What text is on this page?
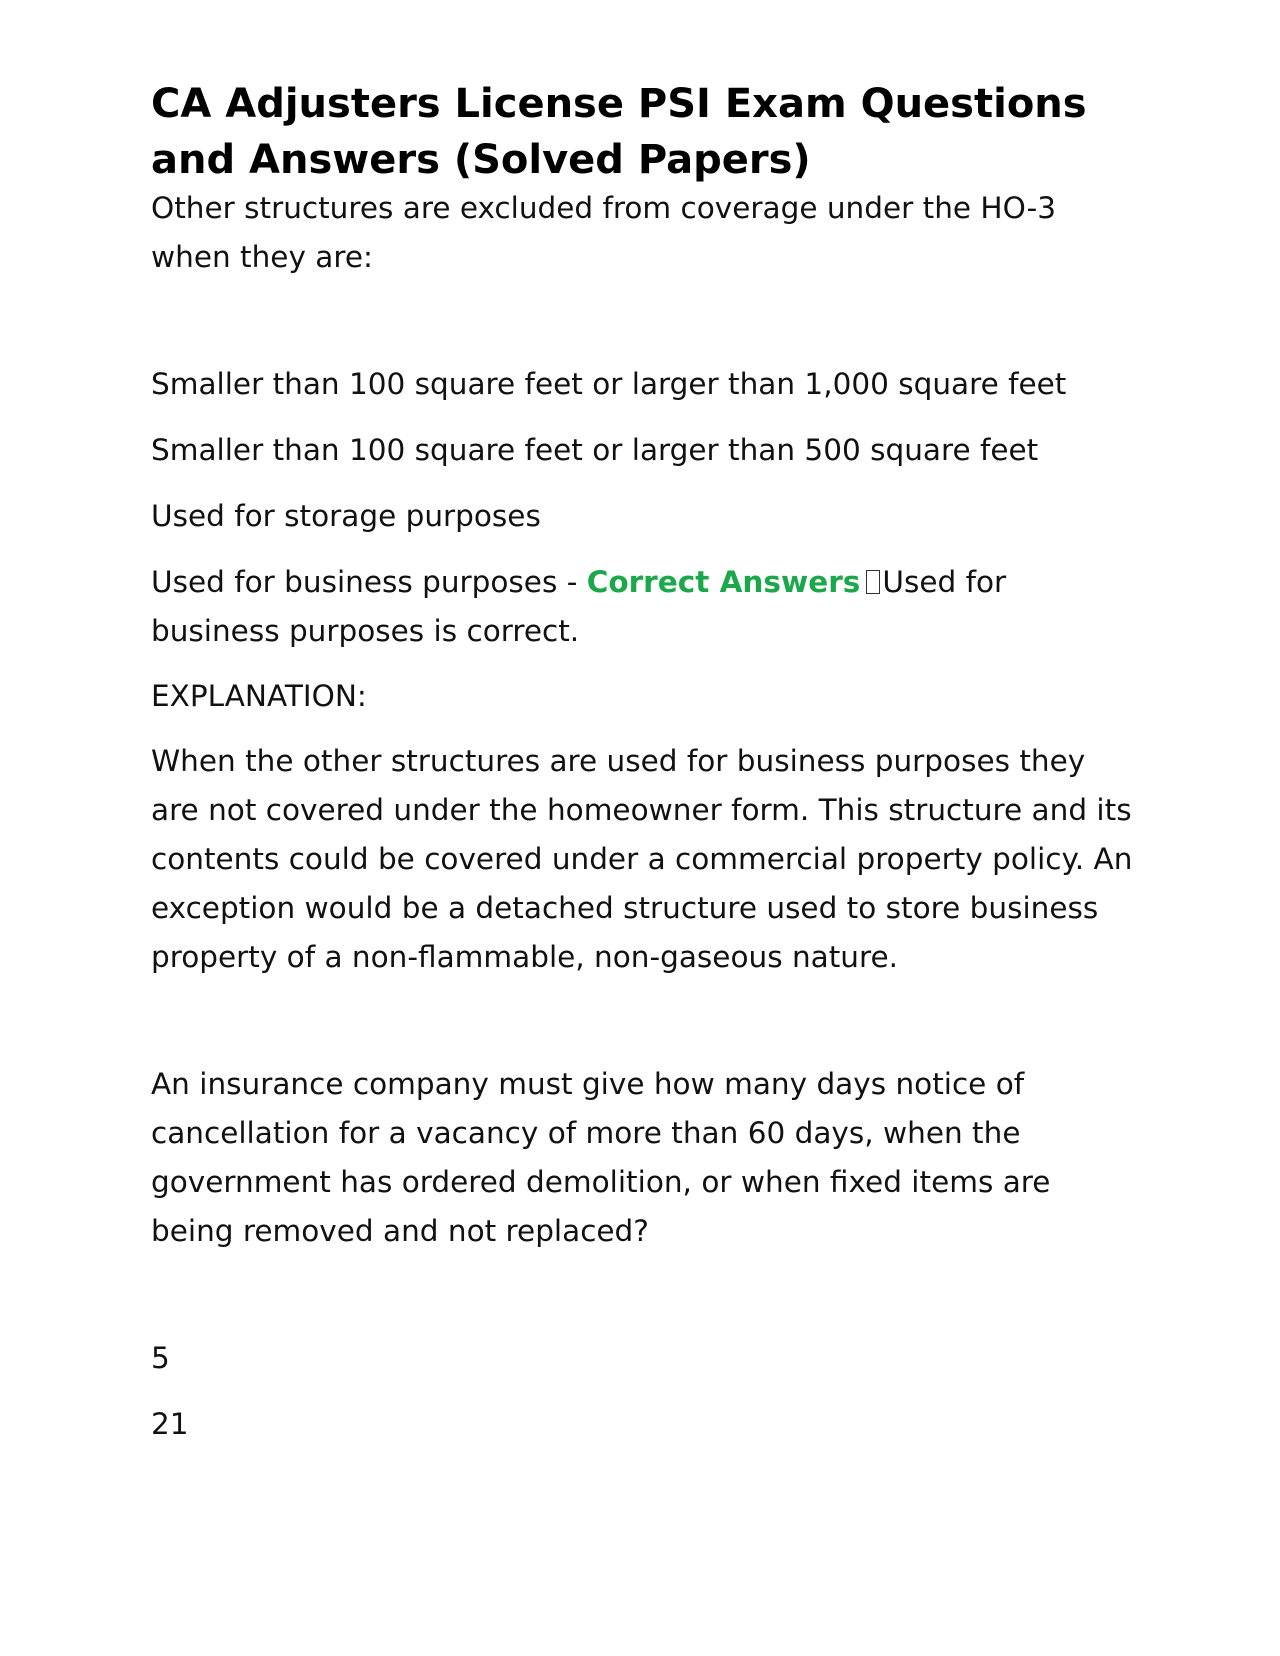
CA Adjusters License PSI Exam Questions and Answers (Solved Papers)

Other structures are excluded from coverage under the HO-3 when they are:

Smaller than 100 square feet or larger than 1,000 square feet

Smaller than 100 square feet or larger than 500 square feet

Used for storage purposes

Used for business purposes - Correct Answers Used for business purposes is correct.

EXPLANATION:

When the other structures are used for business purposes they are not covered under the homeowner form. This structure and its contents could be covered under a commercial property policy. An exception would be a detached structure used to store business property of a non-flammable, non-gaseous nature.

An insurance company must give how many days notice of cancellation for a vacancy of more than 60 days, when the government has ordered demolition, or when fixed items are being removed and not replaced?

5

21
